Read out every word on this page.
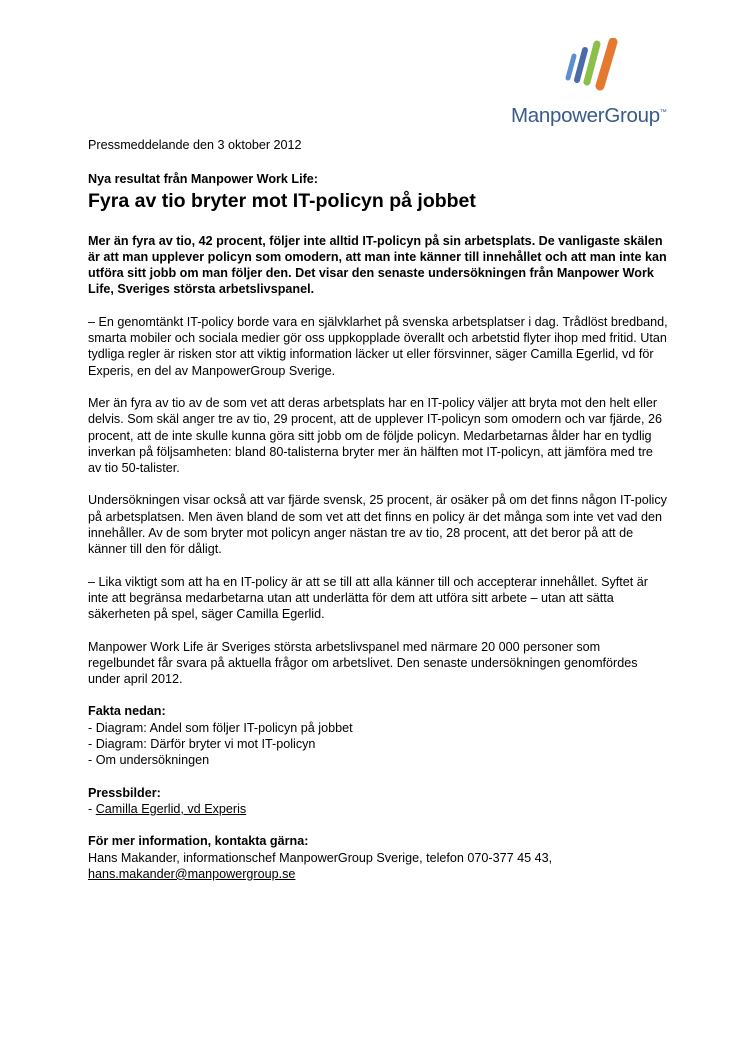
ManpowerGroup™
Pressmeddelande den 3 oktober 2012
Nya resultat från Manpower Work Life:
Fyra av tio bryter mot IT-policyn på jobbet
Mer än fyra av tio, 42 procent, följer inte alltid IT-policyn på sin arbetsplats. De vanligaste skälen är att man upplever policyn som omodern, att man inte känner till innehållet och att man inte kan utföra sitt jobb om man följer den. Det visar den senaste undersökningen från Manpower Work Life, Sveriges största arbetslivspanel.

– En genomtänkt IT-policy borde vara en självklarhet på svenska arbetsplatser i dag. Trådlöst bredband, smarta mobiler och sociala medier gör oss uppkopplade överallt och arbetstid flyter ihop med fritid. Utan tydliga regler är risken stor att viktig information läcker ut eller försvinner, säger Camilla Egerlid, vd för Experis, en del av ManpowerGroup Sverige.

Mer än fyra av tio av de som vet att deras arbetsplats har en IT-policy väljer att bryta mot den helt eller delvis. Som skäl anger tre av tio, 29 procent, att de upplever IT-policyn som omodern och var fjärde, 26 procent, att de inte skulle kunna göra sitt jobb om de följde policyn. Medarbetarnas ålder har en tydlig inverkan på följsamheten: bland 80-talisterna bryter mer än hälften mot IT-policyn, att jämföra med tre av tio 50-talister.

Undersökningen visar också att var fjärde svensk, 25 procent, är osäker på om det finns någon IT-policy på arbetsplatsen. Men även bland de som vet att det finns en policy är det många som inte vet vad den innehåller. Av de som bryter mot policyn anger nästan tre av tio, 28 procent, att det beror på att de känner till den för dåligt.

– Lika viktigt som att ha en IT-policy är att se till att alla känner till och accepterar innehållet. Syftet är inte att begränsa medarbetarna utan att underlätta för dem att utföra sitt arbete – utan att sätta säkerheten på spel, säger Camilla Egerlid.

Manpower Work Life är Sveriges största arbetslivspanel med närmare 20 000 personer som regelbundet får svara på aktuella frågor om arbetslivet. Den senaste undersökningen genomfördes under april 2012.

Fakta nedan:
- Diagram: Andel som följer IT-policyn på jobbet
- Diagram: Därför bryter vi mot IT-policyn
- Om undersökningen
Pressbilder:
- Camilla Egerlid, vd Experis
För mer information, kontakta gärna:
Hans Makander, informationschef ManpowerGroup Sverige, telefon 070-377 45 43,
hans.makander@manpowergroup.se
